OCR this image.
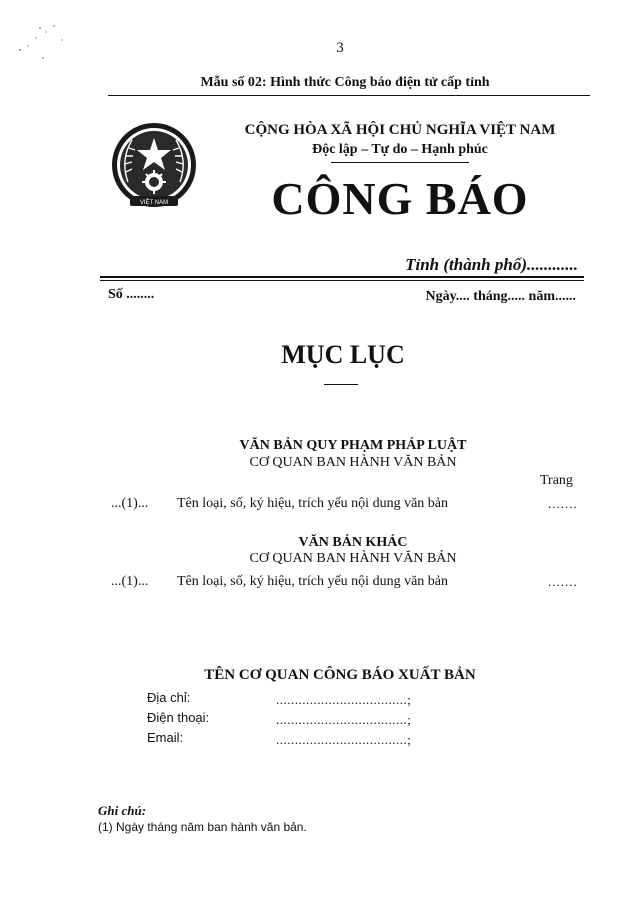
3
Mẫu số 02: Hình thức Công báo điện tử cấp tỉnh
VIỆT NAM
CỘNG HÒA XÃ HỘI CHỦ NGHĨA VIỆT NAM
Độc lập – Tự do – Hạnh phúc
CÔNG BÁO
Tỉnh (thành phố)............
Số ........	Ngày.... tháng..... năm......
MỤC LỤC
VĂN BẢN QUY PHẠM PHÁP LUẬT
CƠ QUAN BAN HÀNH VĂN BẢN
Trang
...(1)... Tên loại, số, ký hiệu, trích yếu nội dung văn bản	.......
VĂN BẢN KHÁC
CƠ QUAN BAN HÀNH VĂN BẢN
...(1)... Tên loại, số, ký hiệu, trích yếu nội dung văn bản	.......
TÊN CƠ QUAN CÔNG BÁO XUẤT BẢN
Địa chỉ:	...................................;
Điện thoại:	...................................;
Email:	...................................;
Ghi chú:
(1) Ngày tháng năm ban hành văn bản.
